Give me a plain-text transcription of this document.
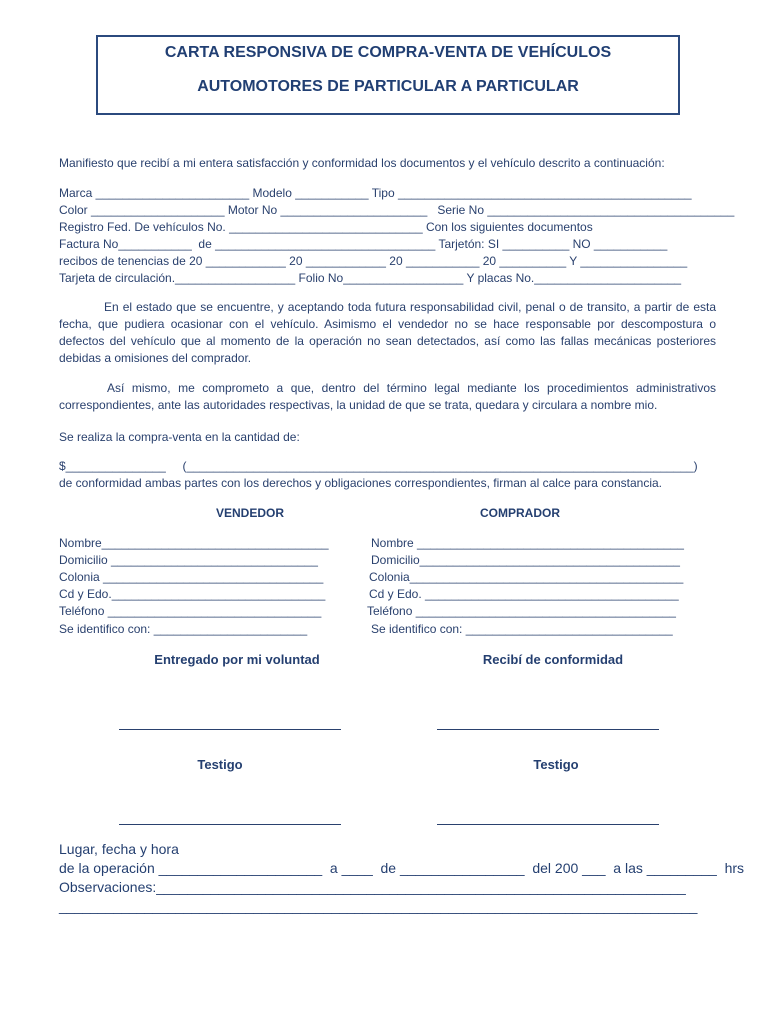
CARTA RESPONSIVA DE COMPRA-VENTA DE VEHÍCULOS
AUTOMOTORES DE PARTICULAR A PARTICULAR
Manifiesto que recibí a mi entera satisfacción y conformidad los documentos y el vehículo descrito a continuación:
Marca _______________________ Modelo ___________ Tipo ____________________________________________
Color ____________________ Motor No ______________________   Serie No _____________________________________
Registro Fed. De vehículos No. _____________________________ Con los siguientes documentos
Factura No___________  de _________________________________ Tarjetón: SI __________ NO ___________
recibos de tenencias de 20 ____________ 20 ____________ 20 ___________ 20 __________ Y ________________
Tarjeta de circulación.__________________ Folio No__________________ Y placas No.______________________
En el estado que se encuentre, y aceptando toda futura responsabilidad civil, penal o de transito, a partir de esta fecha, que pudiera ocasionar con el vehículo. Asimismo el vendedor no se hace responsable por descompostura o defectos del vehículo que al momento de la operación no sean detectados, así como las fallas mecánicas posteriores debidas a omisiones del comprador.
Así mismo, me comprometo a que, dentro del término legal mediante los procedimientos administrativos correspondientes, ante las autoridades respectivas, la unidad de que se trata, quedara y circulara a nombre mio.
Se realiza la compra-venta en la cantidad de:
$_______________     (____________________________________________________________________________)
de conformidad ambas partes con los derechos y obligaciones correspondientes, firman al calce para constancia.
VENDEDOR	COMPRADOR
Nombre__________________________________
Domicilio _______________________________
Colonia _________________________________
Cd y Edo.________________________________
Teléfono ________________________________
Se identifico con: _______________________
Nombre ________________________________________
Domicilio_______________________________________
Colonia_________________________________________
Cd y Edo. ______________________________________
Teléfono _______________________________________
Se identifico con: _______________________________
Entregado por mi voluntad	Recibí de conformidad
Testigo	Testigo
Lugar, fecha y hora
de la operación _____________________  a ____  de ________________  del 200 ___  a las _________  hrs
Observaciones:____________________________________________________________________
__________________________________________________________________________________
